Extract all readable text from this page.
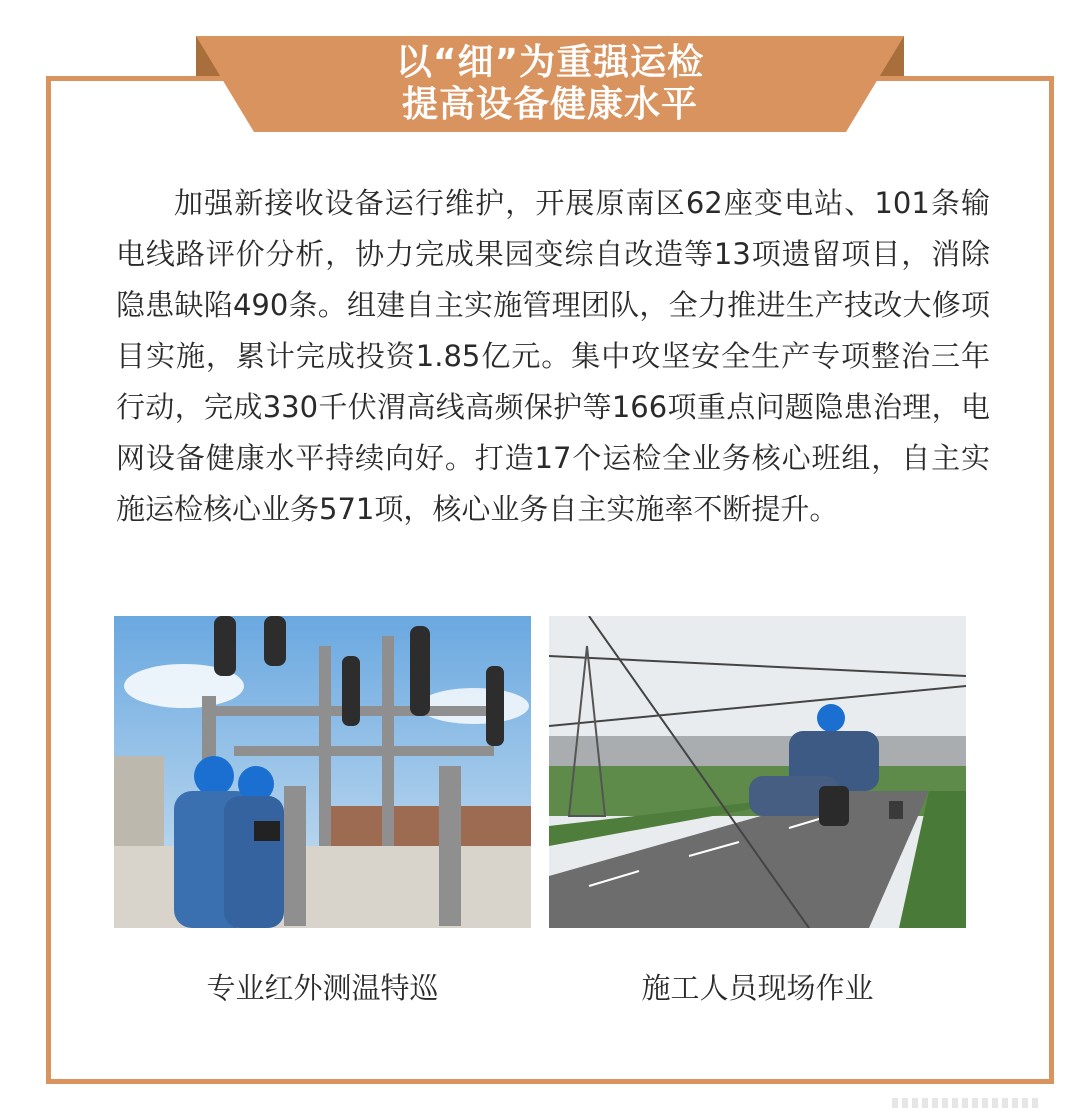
以“细”为重强运检
提高设备健康水平

加强新接收设备运行维护，开展原南区62座变电站、101条输电线路评价分析，协力完成果园变综自改造等13项遗留项目，消除隐患缺陷490条。组建自主实施管理团队，全力推进生产技改大修项目实施，累计完成投资1.85亿元。集中攻坚安全生产专项整治三年行动，完成330千伏渭高线高频保护等166项重点问题隐患治理，电网设备健康水平持续向好。打造17个运检全业务核心班组，自主实施运检核心业务571项，核心业务自主实施率不断提升。

专业红外测温特巡	施工人员现场作业
